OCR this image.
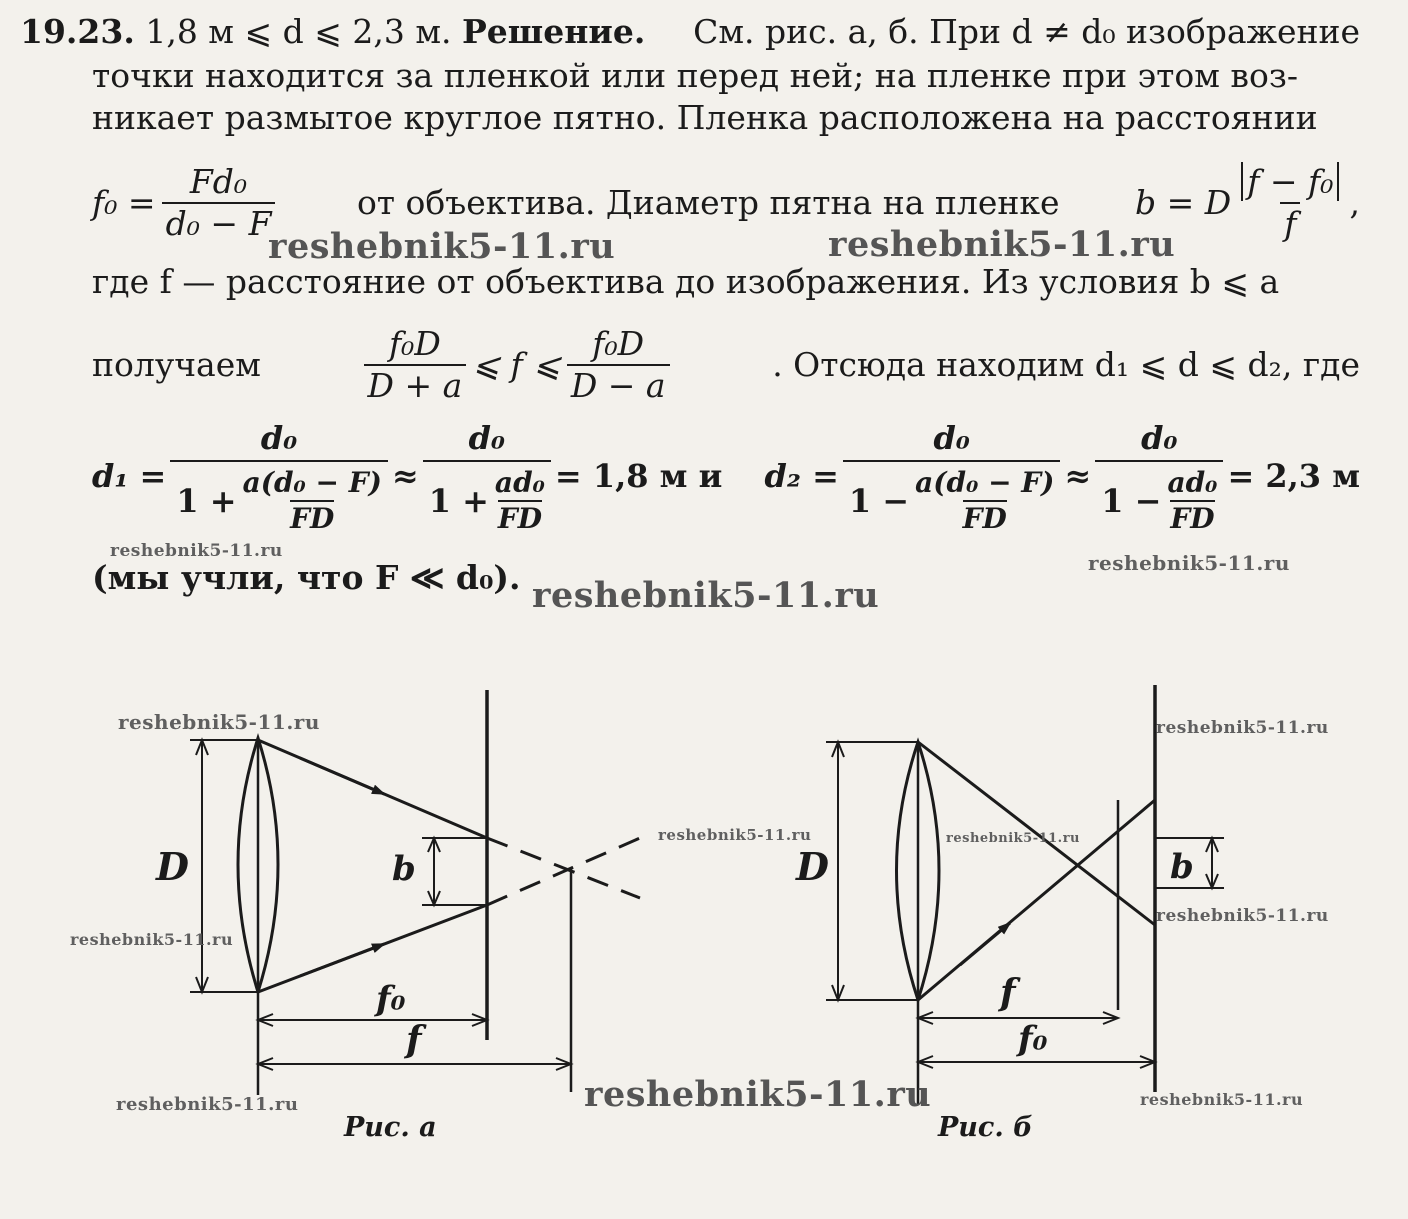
19.23. 1,8 м ⩽ d ⩽ 2,3 м. Решение. См. рис. а, б. При d ≠ d₀ изображение
точки находится за пленкой или перед ней; на пленке при этом воз-
никает размытое круглое пятно. Пленка расположена на расстоянии
$f_0 = \frac{\text{Fd₀}}{\text{d₀ − F}}$ от объектива. Диаметр пятна на пленке b = D $\frac{\text{f − f₀}}{f}$ ,
где f — расстояние от объектива до изображения. Из условия b ⩽ a
получаем	$\frac{\text{f₀D}}{D + a}$ ⩽ f ⩽ $\frac{\text{f₀D}}{D - a}$	. Отсюда находим d₁ ⩽ d ⩽ d₂, где
$d_1 = \frac{\text{d₀}}{1 + \frac{\text{a(d₀ − F)}}{FD}} \approx \frac{\text{d₀}}{1 + \frac{\text{ad₀}}{FD}} = 1,8$ м и $d_2 = \frac{\text{d₀}}{1 - \frac{\text{a(d₀ − F)}}{FD}} \approx \frac{\text{d₀}}{1 - \frac{\text{ad₀}}{FD}} = 2,3$ м
(мы учли, что F ≪ d₀).
D	b
f₀
f
D	b
f
f₀
Рис. а	Рис. б
reshebnik5-11.ru	reshebnik5-11.ru
reshebnik5-11.ru	reshebnik5-11.ru
reshebnik5-11.ru
reshebnik5-11.ru	reshebnik5-11.ru
reshebnik5-11.ru	reshebnik5-11.ru
reshebnik5-11.ru
reshebnik5-11.ru
reshebnik5-11.ru
reshebnik5-11.ru	reshebnik5-11.ru
